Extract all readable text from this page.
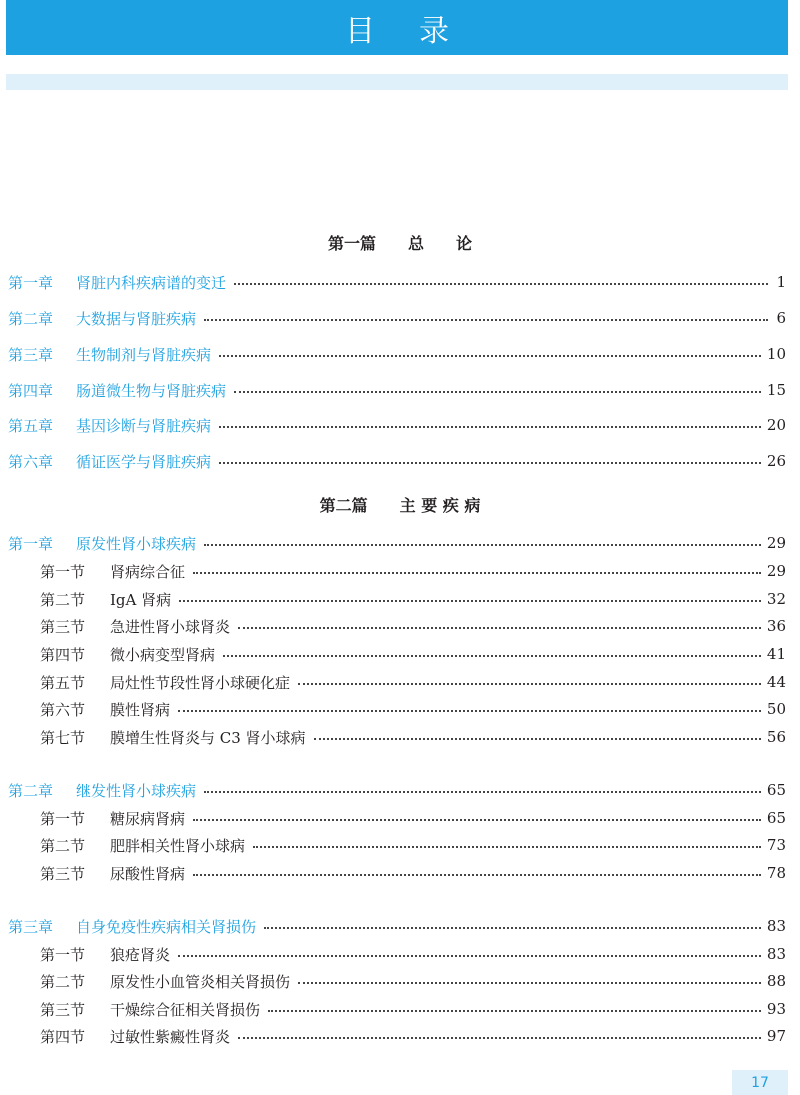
目录
第一篇 总 论
第一章 肾脏内科疾病谱的变迁	1
第二章 大数据与肾脏疾病	6
第三章 生物制剂与肾脏疾病	10
第四章 肠道微生物与肾脏疾病	15
第五章 基因诊断与肾脏疾病	20
第六章 循证医学与肾脏疾病	26
第二篇 主 要 疾 病
第一章 原发性肾小球疾病	29
第一节 肾病综合征	29
第二节 IgA 肾病	32
第三节 急进性肾小球肾炎	36
第四节 微小病变型肾病	41
第五节 局灶性节段性肾小球硬化症	44
第六节 膜性肾病	50
第七节 膜增生性肾炎与 C3 肾小球病	56
第二章 继发性肾小球疾病	65
第一节 糖尿病肾病	65
第二节 肥胖相关性肾小球病	73
第三节 尿酸性肾病	78
第三章 自身免疫性疾病相关肾损伤	83
第一节 狼疮肾炎	83
第二节 原发性小血管炎相关肾损伤	88
第三节 干燥综合征相关肾损伤	93
第四节 过敏性紫癜性肾炎	97
17
